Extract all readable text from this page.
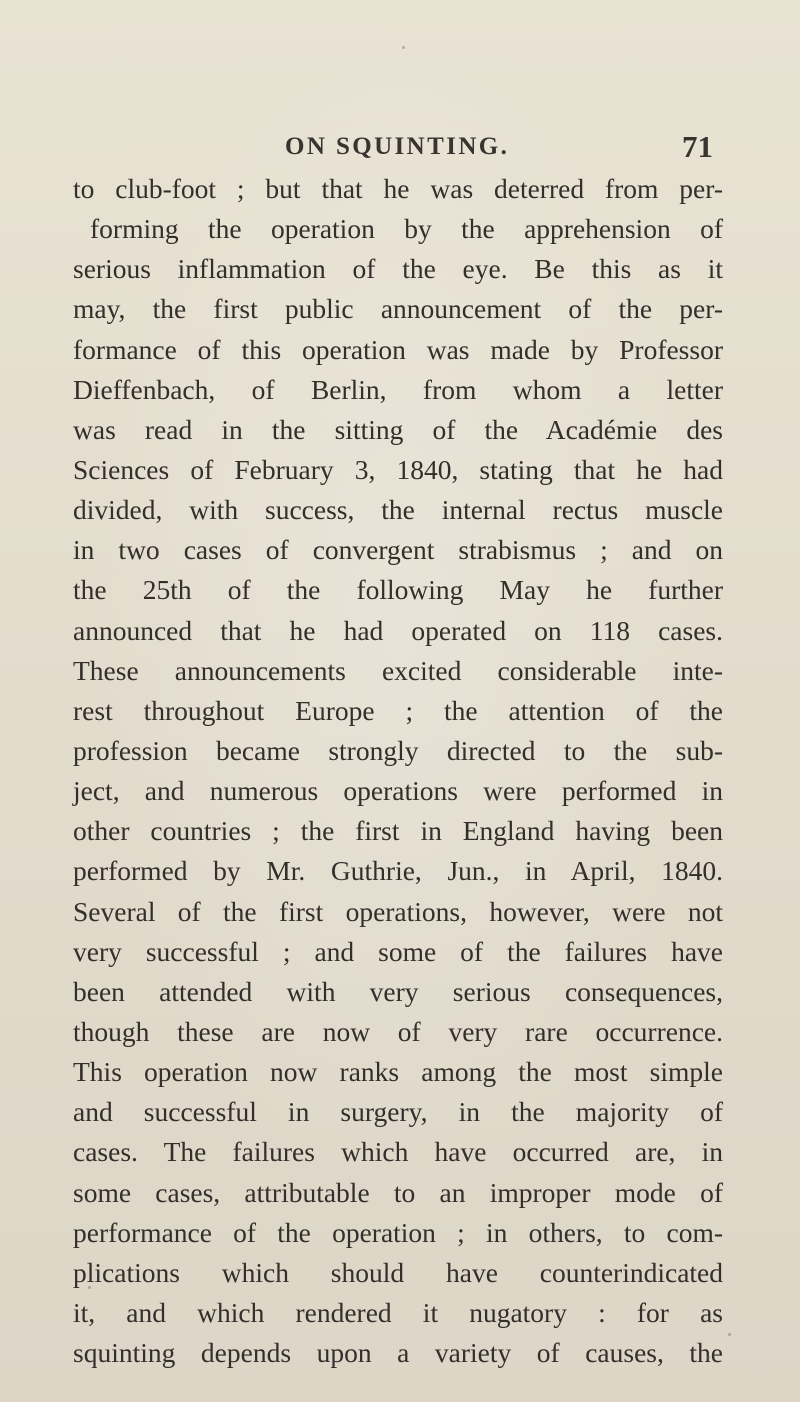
ON SQUINTING.	71
to club-foot ; but that he was deterred from per-
forming the operation by the apprehension of
serious inflammation of the eye. Be this as it
may, the first public announcement of the per-
formance of this operation was made by Professor
Dieffenbach, of Berlin, from whom a letter
was read in the sitting of the Académie des
Sciences of February 3, 1840, stating that he had
divided, with success, the internal rectus muscle
in two cases of convergent strabismus ; and on
the 25th of the following May he further
announced that he had operated on 118 cases.
These announcements excited considerable inte-
rest throughout Europe ; the attention of the
profession became strongly directed to the sub-
ject, and numerous operations were performed in
other countries ; the first in England having been
performed by Mr. Guthrie, Jun., in April, 1840.
Several of the first operations, however, were not
very successful ; and some of the failures have
been attended with very serious consequences,
though these are now of very rare occurrence.
This operation now ranks among the most simple
and successful in surgery, in the majority of
cases. The failures which have occurred are, in
some cases, attributable to an improper mode of
performance of the operation ; in others, to com-
plications which should have counterindicated
it, and which rendered it nugatory : for as
squinting depends upon a variety of causes, the
